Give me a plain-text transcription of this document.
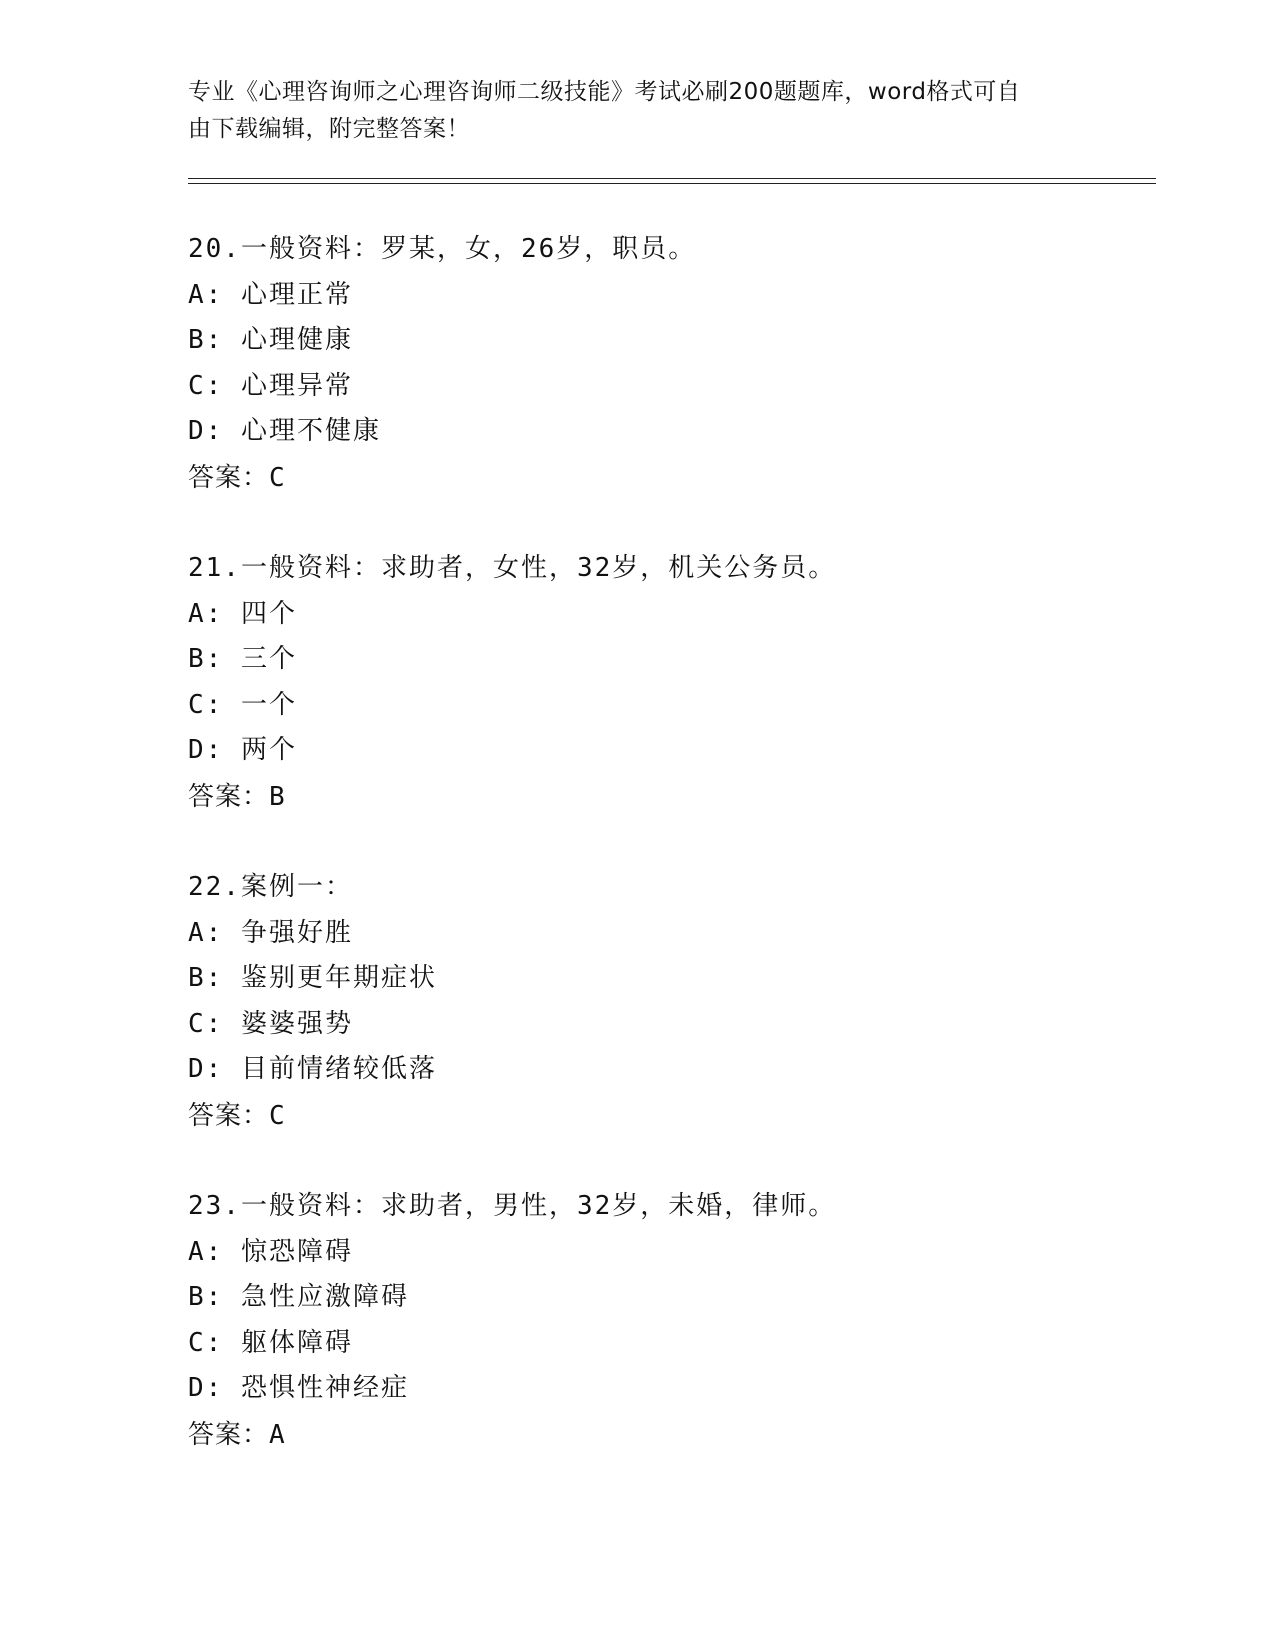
专业《心理咨询师之心理咨询师二级技能》考试必刷200题题库，word格式可自
由下载编辑，附完整答案！
20.一般资料：罗某，女，26岁，职员。
A: 心理正常
B: 心理健康
C: 心理异常
D: 心理不健康
答案：C
21.一般资料：求助者，女性，32岁，机关公务员。
A: 四个
B: 三个
C: 一个
D: 两个
答案：B
22.案例一：
A: 争强好胜
B: 鉴别更年期症状
C: 婆婆强势
D: 目前情绪较低落
答案：C
23.一般资料：求助者，男性，32岁，未婚，律师。
A: 惊恐障碍
B: 急性应激障碍
C: 躯体障碍
D: 恐惧性神经症
答案：A
